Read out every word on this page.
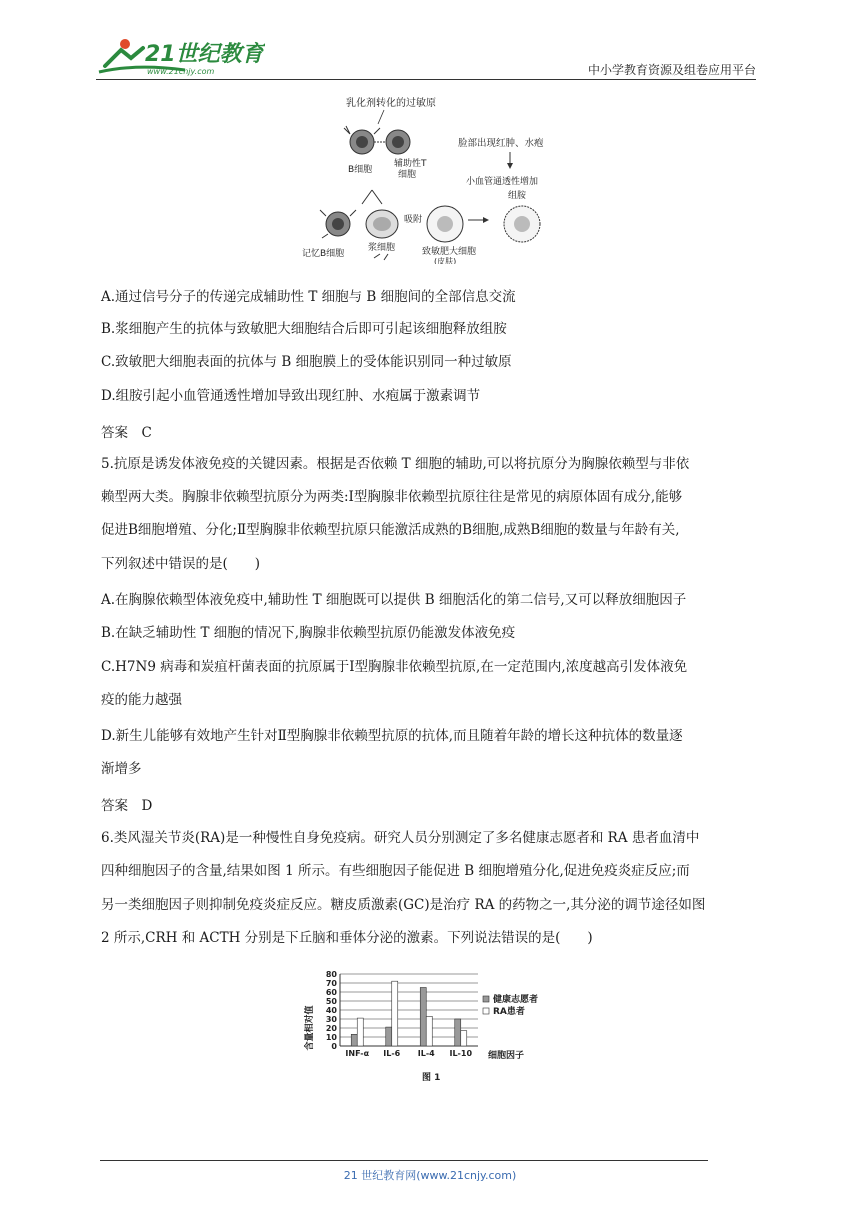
21世纪教育
www.21cnjy.com	中小学教育资源及组卷应用平台
乳化剂转化的过敏原
B细胞
辅助性T
细胞
记忆B细胞
浆细胞
吸附
致敏肥大细胞
(皮肤)
脸部出现红肿、水疱
小血管通透性增加
组胺
A.通过信号分子的传递完成辅助性 T 细胞与 B 细胞间的全部信息交流
B.浆细胞产生的抗体与致敏肥大细胞结合后即可引起该细胞释放组胺
C.致敏肥大细胞表面的抗体与 B 细胞膜上的受体能识别同一种过敏原
D.组胺引起小血管通透性增加导致出现红肿、水疱属于激素调节
答案　C
5.抗原是诱发体液免疫的关键因素。根据是否依赖 T 细胞的辅助,可以将抗原分为胸腺依赖型与非依
赖型两大类。胸腺非依赖型抗原分为两类:Ⅰ型胸腺非依赖型抗原往往是常见的病原体固有成分,能够
促进B细胞增殖、分化;Ⅱ型胸腺非依赖型抗原只能激活成熟的B细胞,成熟B细胞的数量与年龄有关,
下列叙述中错误的是(　　)
A.在胸腺依赖型体液免疫中,辅助性 T 细胞既可以提供 B 细胞活化的第二信号,又可以释放细胞因子
B.在缺乏辅助性 T 细胞的情况下,胸腺非依赖型抗原仍能激发体液免疫
C.H7N9 病毒和炭疽杆菌表面的抗原属于Ⅰ型胸腺非依赖型抗原,在一定范围内,浓度越高引发体液免
疫的能力越强
D.新生儿能够有效地产生针对Ⅱ型胸腺非依赖型抗原的抗体,而且随着年龄的增长这种抗体的数量逐
渐增多
答案　D
6.类风湿关节炎(RA)是一种慢性自身免疫病。研究人员分别测定了多名健康志愿者和 RA 患者血清中
四种细胞因子的含量,结果如图 1 所示。有些细胞因子能促进 B 细胞增殖分化,促进免疫炎症反应;而
另一类细胞因子则抑制免疫炎症反应。糖皮质激素(GC)是治疗 RA 的药物之一,其分泌的调节途径如图
2 所示,CRH 和 ACTH 分别是下丘脑和垂体分泌的激素。下列说法错误的是(　　)
含量相对值 0
10
20
30
40
50
60
70
80
INF-α IL-6 IL-4 IL-10 细胞因子
图 1
健康志愿者
RA患者
21 世纪教育网(www.21cnjy.com)
